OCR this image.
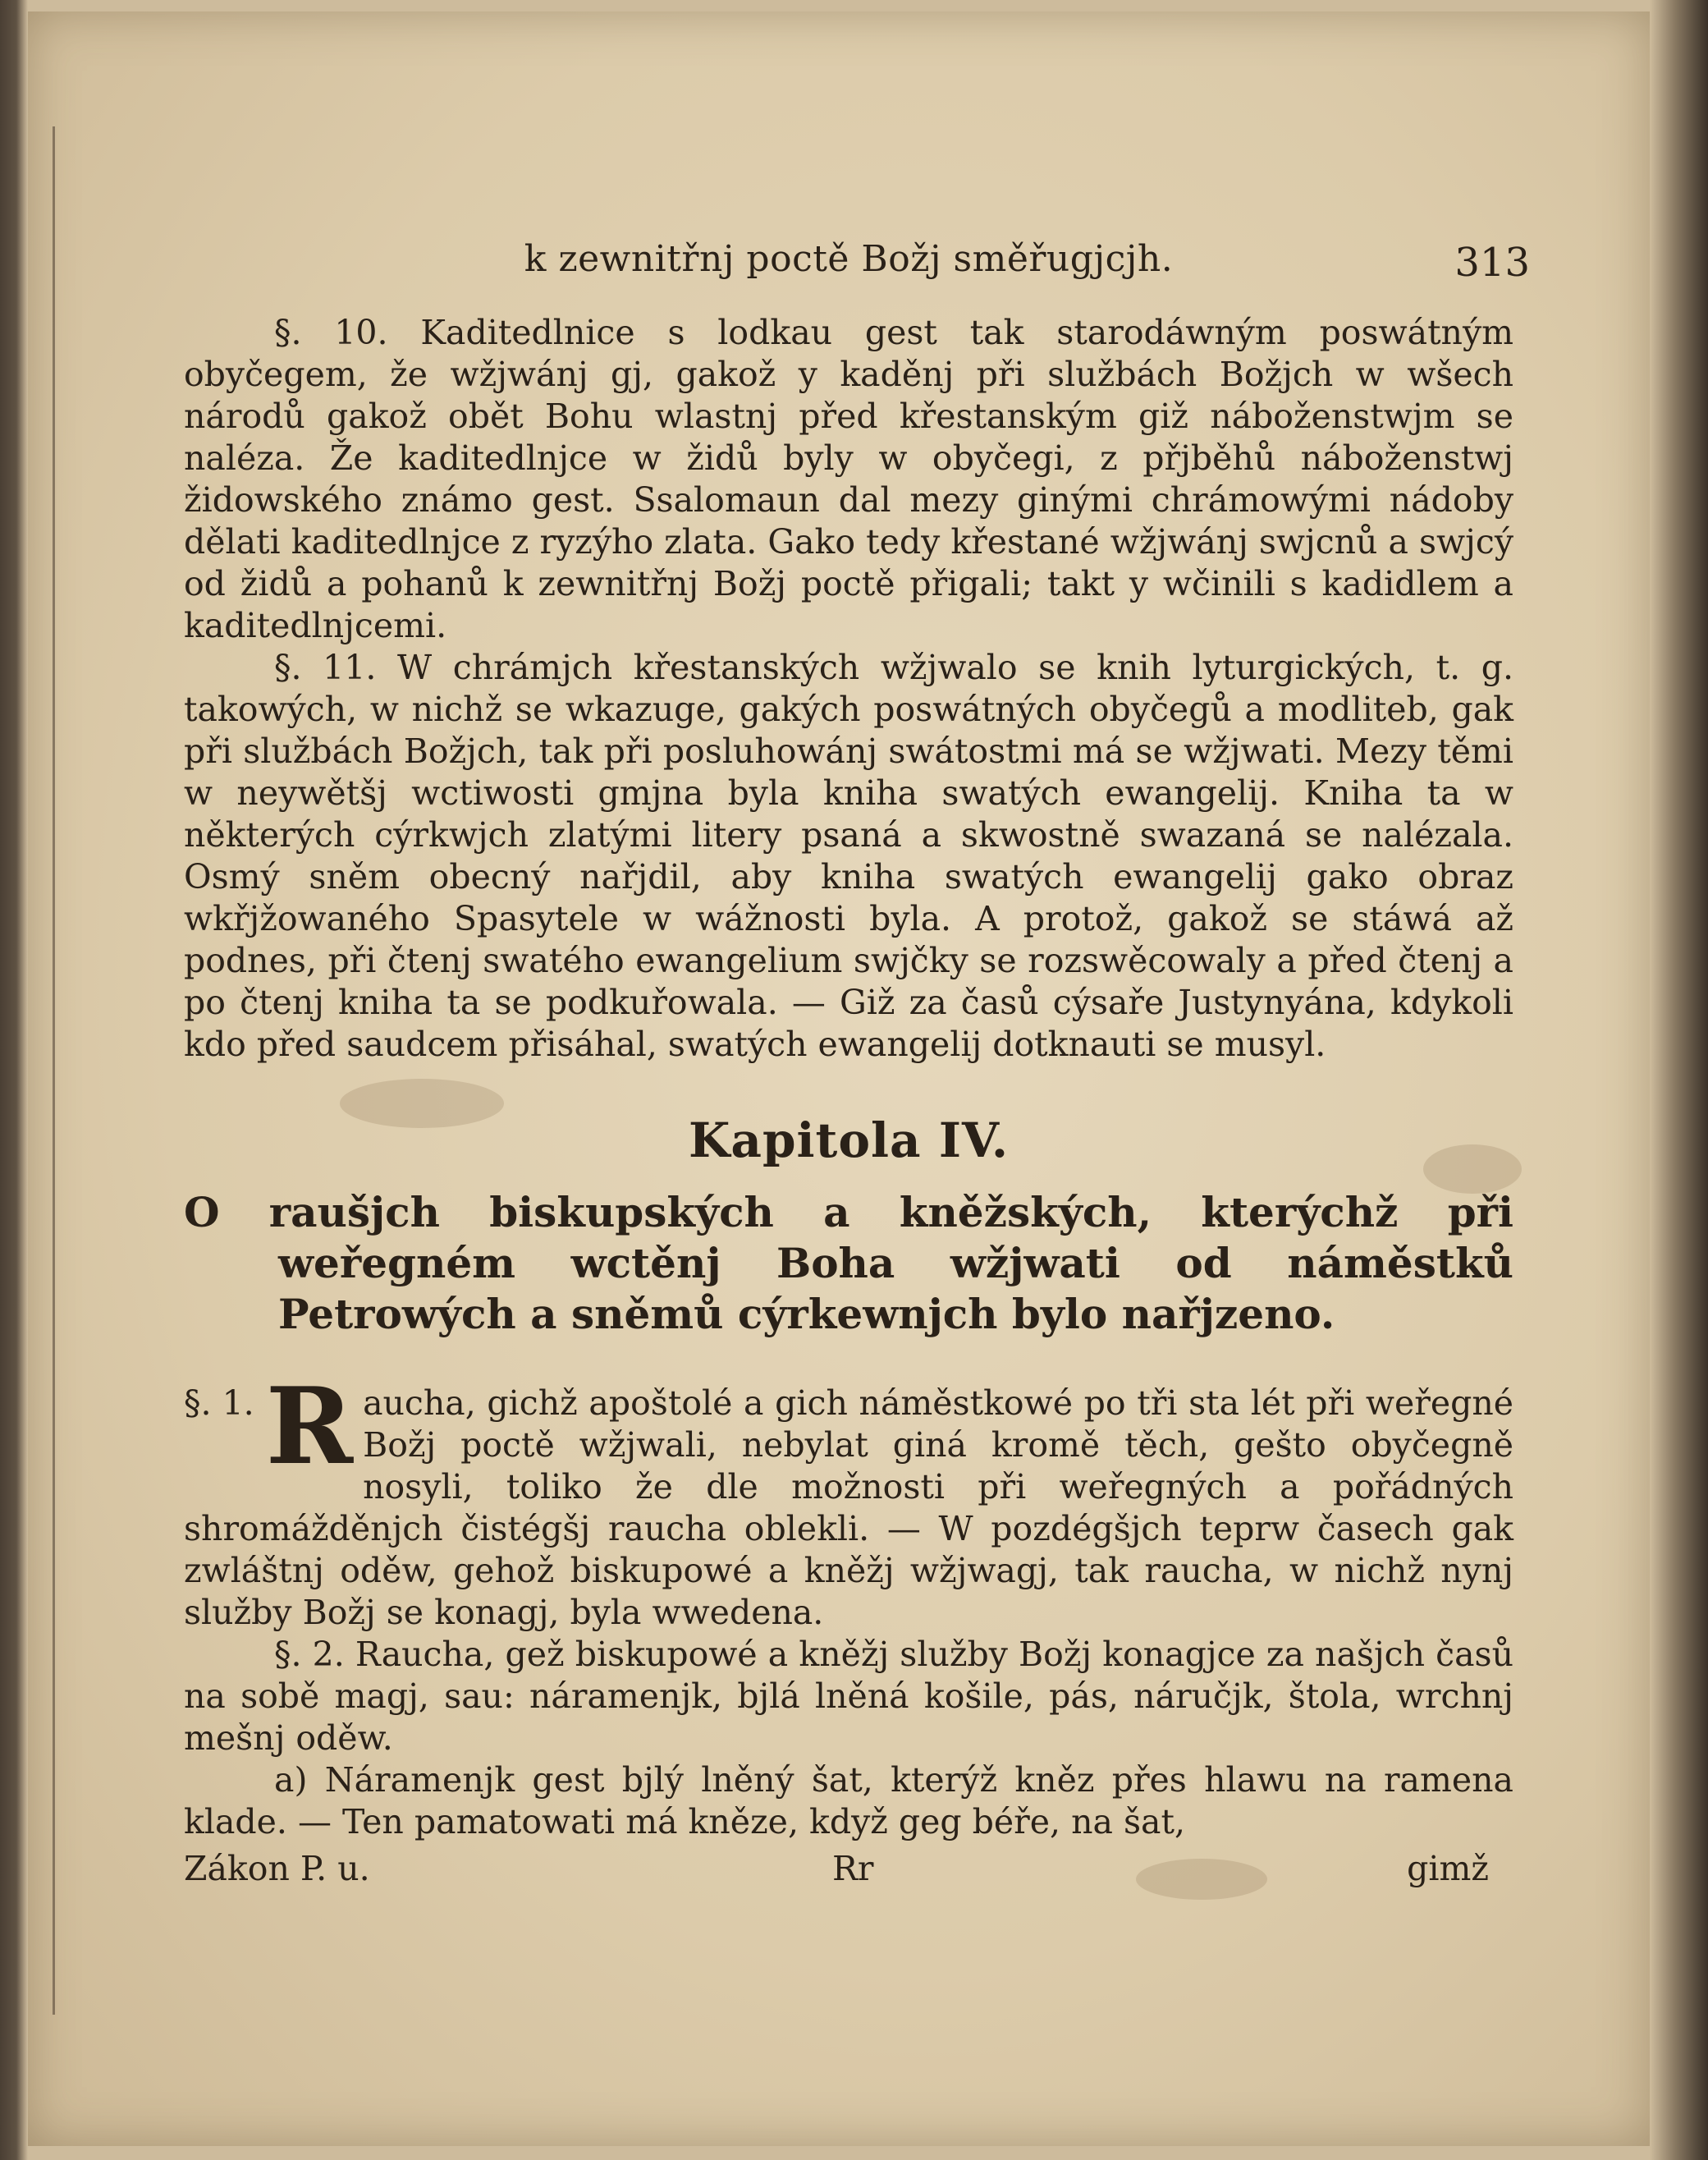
k zewnitřnj poctě Božj směřugjcjh.	313

§. 10. Kaditedlnice s lodkau gest tak starodáwným poswátným obyčegem, že wžjwánj gj, gakož y kaděnj při službách Božjch w wšech národů gakož obět Bohu wlastnj před křestanským giž náboženstwjm se naléza. Že kaditedlnjce w židů byly w obyčegi, z přjběhů náboženstwj židowského známo gest. Ssalomaun dal mezy ginými chrámowými nádoby dělati kaditedlnjce z ryzýho zlata. Gako tedy křestané wžjwánj swjcnů a swjcý od židů a pohanů k zewnitřnj Božj poctě přigali; takt y wčinili s kadidlem a kaditedlnjcemi.

§. 11. W chrámjch křestanských wžjwalo se knih lyturgických, t. g. takowých, w nichž se wkazuge, gakých poswátných obyčegů a modliteb, gak při službách Božjch, tak při posluhowánj swátostmi má se wžjwati. Mezy těmi w neywětšj wctiwosti gmjna byla kniha swatých ewangelij. Kniha ta w některých cýrkwjch zlatými litery psaná a skwostně swazaná se nalézala. Osmý sněm obecný nařjdil, aby kniha swatých ewangelij gako obraz wkřjžowaného Spasytele w wážnosti byla. A protož, gakož se stáwá až podnes, při čtenj swatého ewangelium swjčky se rozswěcowaly a před čtenj a po čtenj kniha ta se podkuřowala. — Giž za časů cýsaře Justynyána, kdykoli kdo před saudcem přisáhal, swatých ewangelij dotknauti se musyl.

Kapitola IV.
O raušjch biskupských a kněžských, kterýchž při weřegném wctěnj Boha wžjwati od náměstků Petrowých a sněmů cýrkewnjch bylo nařjzeno.
§. 1. R aucha, gichž apoštolé a gich náměstkowé po tři sta lét při weřegné Božj poctě wžjwali, nebylat giná kromě těch, gešto obyčegně nosyli, toliko že dle možnosti při weřegných a pořádných shromážděnjch čistégšj raucha oblekli. — W pozdégšjch teprw časech gak zwláštnj oděw, gehož biskupowé a kněžj wžjwagj, tak raucha, w nichž nynj služby Božj se konagj, byla wwedena.

§. 2. Raucha, gež biskupowé a kněžj služby Božj konagjce za našjch časů na sobě magj, sau: náramenjk, bjlá lněná košile, pás, náručjk, štola, wrchnj mešnj oděw.

a) Náramenjk gest bjlý lněný šat, kterýž kněz přes hlawu na ramena klade. — Ten pamatowati má kněze, když geg béře, na šat,

Zákon P. u.	Rr	gimž
